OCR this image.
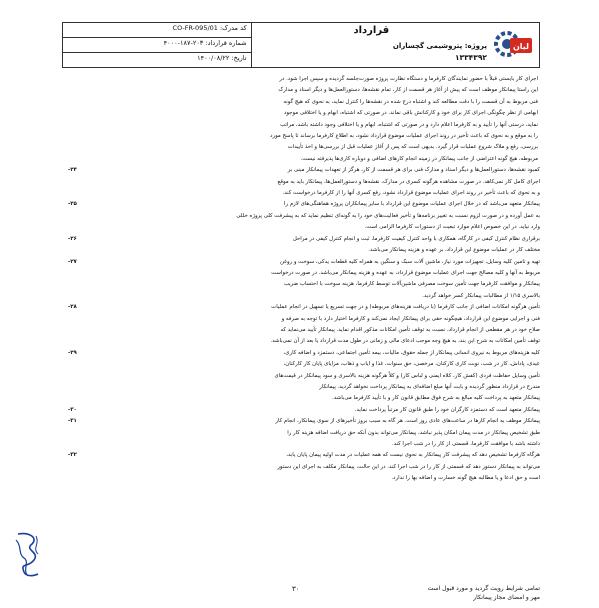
لیان
قرارداد
پروژه: پتروشیمی گچساران
۱۳۳۴۳۹۲
کد مدرک: CO-FR-095/01
شماره قرارداد: ۲۰۳-۱۸۷-۴۰۰۰
تاریخ: ۱۴۰۰/۰۸/۲۲
اجرای کار بایستی قبلاً با حضور نمایندگان کارفرما و دستگاه نظارت پروژه صورت‌جلسه گردیده و سپس اجرا شود. در
این راستا پیمانکار موظف است که پیش از آغاز هر قسمت از کار، تمام نقشه‌ها، دستورالعمل‌ها و دیگر اسناد و مدارک
فنی مربوط به آن قسمت را با دقت مطالعه کند و اشتباه درج شده در نقشه‌ها را کنترل نماید، به نحوی که هیچ گونه
ابهامی از نظر چگونگی اجرای کار برای خود و کارکنانش باقی نماند. در صورتی که اشتباه، ابهام و یا اختلافی موجود
نماید، درستی آنها را تأیید و به کارفرما اعلام دارد و در صورتی که اشتباه، ابهام و یا اختلافی وجود داشته باشد، مراتب
را به موقع و به نحوی که باعث تأخیر در روند اجرای عملیات موضوع قرارداد نشود، به اطلاع کارفرما برساند تا پاسخ مورد
بررسی، رفع و ملاک شروع عملیات قرار گیرد. بدیهی است که پس از آغاز عملیات قبل از بررسی‌ها و اخذ تأییدات
مربوطه، هیچ گونه اعتراضی از جانب پیمانکار در زمینه انجام کارهای اضافی و دوباره کاری‌ها پذیرفته نیست.
کمبود نقشه‌ها، دستورالعمل‌ها و دیگر اسناد و مدارک فنی برای هر قسمت از کار، هرگز از تعهدات پیمانکار مبنی بر
اجرای کامل کار نمی‌کاهد. در صورت مشاهده هرگونه کسری در مدارک، نقشه‌ها و دستورالعمل‌ها، پیمانکار باید به موقع
و به نحوی که باعث تأخیر در روند اجرای عملیات موضوع قرارداد نشود، رفع کسری آنها را از کارفرما درخواست کند.
۲۴-
پیمانکار متعهد می‌باشد که در خلال اجرای عملیات موضوع این قرارداد با سایر پیمانکاران پروژه هماهنگی‌های لازم را
به عمل آورده و در صورت لزوم نسبت به تغییر برنامه‌ها و تأخیر فعالیت‌های خود را به گونه‌ای تنظیم نماید که به پیشرفت کلی پروژه خللی
وارد نیاید. در این خصوص اعلام موارد تبعیت از دستورات کارفرما الزامی است.
۲۵-
برقراری نظام کنترل کیفی در کارگاه، همکاری با واحد کنترل کیفیت کارفرما، ثبت و انجام کنترل کیفی در مراحل
مختلف کار در عملیات موضوع این قرارداد، بر عهده و هزینه پیمانکار می‌باشد.
۲۶-
تهیه و تامین کلیه وسایل، تجهیزات مورد نیاز، ماشین آلات سبک و سنگین به همراه کلیه قطعات یدکی، سوخت و روغن
مربوط به آنها و کلیه مصالح جهت اجرای عملیات موضوع قرارداد، به عهده و هزینه پیمانکار می‌باشد. در صورت درخواست
پیمانکار و موافقت کارفرما جهت تأمین سوخت مصرفی ماشین‌آلات توسط کارفرما، هزینه سوخت با احتساب ضریب
بالاسری ۱/۱۵ از مطالبات پیمانکار کسر خواهد گردید.
۲۷-
تأمین هرگونه امکانات اضافی از جانب کارفرما (با دریافت هزینه‌های مربوطه) و در جهت تسریع یا تسهیل در انجام عملیات
فنی و اجرایی موضوع این قرارداد، هیچگونه حقی برای پیمانکار ایجاد نمی‌کند و کارفرما اختیار دارد با توجه به صرفه و
صلاح خود در هر مقطعی از انجام قرارداد، نسبت به توقف تأمین امکانات مذکور اقدام نماید. پیمانکار تأیید می‌نماید که
توقف تأمین امکانات به شرح این بند، به هیچ وجه موجب ادعای مالی و زمانی در طول مدت قرارداد یا بعد از آن نمی‌باشد.
۲۸-
کلیه هزینه‌های مربوط به نیروی انسانی پیمانکار از جمله حقوق، مالیات، بیمه تأمین اجتماعی، دستمزد و اضافه کاری،
عیدی، پاداش، کار در شب، نوبت کاری کارکنان، مرخصی، حق سنوات، غذا و ایاب و ذهاب، مزایای پایان کار کارکنان،
تأمین وسایل حفاظت فردی (کفش کار، کلاه ایمنی و لباس کار) و کلاً هرگونه هزینه بالاسری و سود پیمانکار در قیمت‌های
مندرج در قرارداد منظور گردیده و بابت آنها مبلغ اضافه‌ای به پیمانکار پرداخت نخواهد گردید. پیمانکار
پیمانکار متعهد به پرداخت کلیه مبالغ به شرح فوق مطابق قانون کار و با تأیید کارفرما می‌باشد.
۲۹-
پیمانکار متعهد است که دستمزد کارگران خود را طبق قانون کار مرتباً پرداخت نماید.
۳۰-
پیمانکار موظف به انجام کارها در ساعت‌های عادی روز است. هر گاه به سبب بروز تأخیرهای از سوی پیمانکار، انجام کار
طبق تشخیص پیمانکار در مدت پیمان امکان پذیر نباشد، پیمانکار می‌تواند بدون آنکه حق دریافت اضافه هزینه کار را
داشته باشد با موافقت کارفرما، قسمتی از کار را در شب اجرا کند.
۳۱-
هرگاه کارفرما تشخیص دهد که پیشرفت کار پیمانکار به نحوی نیست که همه عملیات در مدت اولیه پیمان پایان یابد،
می‌تواند به پیمانکار دستور دهد که قسمتی از کار را در شب اجرا کند. در این حالت، پیمانکار مکلف به اجرای این دستور
است و حق ادعا و یا مطالبه هیچ گونه خسارت و اضافه بها را ندارد.
۳۲-
۳۰	تمامی شرایط رویت گردید و مورد قبول است
مهر و امضای مجاز پیمانکار
